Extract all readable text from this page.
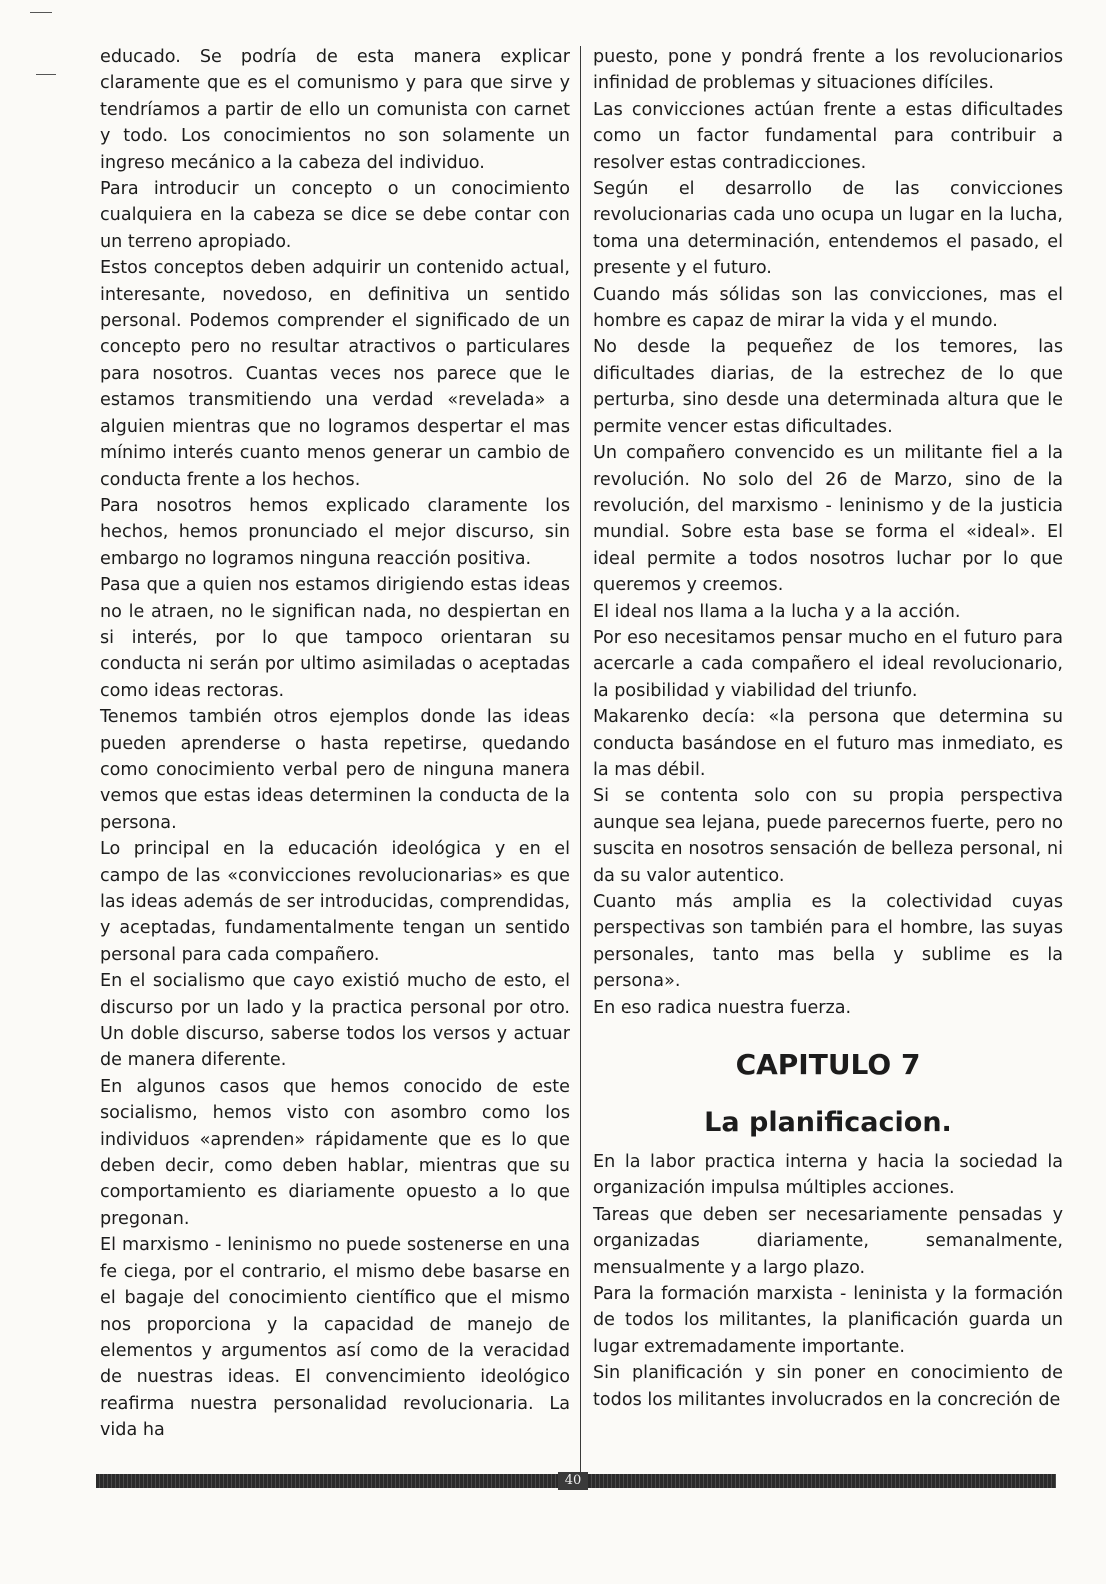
educado. Se podría de esta manera explicar claramente que es el comunismo y para que sirve y tendríamos a partir de ello un comunista con carnet y todo. Los conocimientos no son solamente un ingreso mecánico a la cabeza del individuo.

Para introducir un concepto o un conocimiento cualquiera en la cabeza se dice se debe contar con un terreno apropiado.

Estos conceptos deben adquirir un contenido actual, interesante, novedoso, en definitiva un sentido personal. Podemos comprender el significado de un concepto pero no resultar atractivos o particulares para nosotros. Cuantas veces nos parece que le estamos transmitiendo una verdad «revelada» a alguien mientras que no logramos despertar el mas mínimo interés cuanto menos generar un cambio de conducta frente a los hechos.

Para nosotros hemos explicado claramente los hechos, hemos pronunciado el mejor discurso, sin embargo no logramos ninguna reacción positiva.

Pasa que a quien nos estamos dirigiendo estas ideas no le atraen, no le significan nada, no despiertan en si interés, por lo que tampoco orientaran su conducta ni serán por ultimo asimiladas o aceptadas como ideas rectoras.

Tenemos también otros ejemplos donde las ideas pueden aprenderse o hasta repetirse, quedando como conocimiento verbal pero de ninguna manera vemos que estas ideas determinen la conducta de la persona.

Lo principal en la educación ideológica y en el campo de las «convicciones revolucionarias» es que las ideas además de ser introducidas, comprendidas, y aceptadas, fundamentalmente tengan un sentido personal para cada compañero.

En el socialismo que cayo existió mucho de esto, el discurso por un lado y la practica personal por otro. Un doble discurso, saberse todos los versos y actuar de manera diferente.

En algunos casos que hemos conocido de este socialismo, hemos visto con asombro como los individuos «aprenden» rápidamente que es lo que deben decir, como deben hablar, mientras que su comportamiento es diariamente opuesto a lo que pregonan.

El marxismo - leninismo no puede sostenerse en una fe ciega, por el contrario, el mismo debe basarse en el bagaje del conocimiento científico que el mismo nos proporciona y la capacidad de manejo de elementos y argumentos así como de la veracidad de nuestras ideas. El convencimiento ideológico reafirma nuestra personalidad revolucionaria. La vida ha

puesto, pone y pondrá frente a los revolucionarios infinidad de problemas y situaciones difíciles.

Las convicciones actúan frente a estas dificultades como un factor fundamental para contribuir a resolver estas contradicciones.

Según el desarrollo de las convicciones revolucionarias cada uno ocupa un lugar en la lucha, toma una determinación, entendemos el pasado, el presente y el futuro.

Cuando más sólidas son las convicciones, mas el hombre es capaz de mirar la vida y el mundo.

No desde la pequeñez de los temores, las dificultades diarias, de la estrechez de lo que perturba, sino desde una determinada altura que le permite vencer estas dificultades.

Un compañero convencido es un militante fiel a la revolución. No solo del 26 de Marzo, sino de la revolución, del marxismo - leninismo y de la justicia mundial. Sobre esta base se forma el «ideal». El ideal permite a todos nosotros luchar por lo que queremos y creemos.

El ideal nos llama a la lucha y a la acción.

Por eso necesitamos pensar mucho en el futuro para acercarle a cada compañero el ideal revolucionario, la posibilidad y viabilidad del triunfo.

Makarenko decía: «la persona que determina su conducta basándose en el futuro mas inmediato, es la mas débil.

Si se contenta solo con su propia perspectiva aunque sea lejana, puede parecernos fuerte, pero no suscita en nosotros sensación de belleza personal, ni da su valor autentico.

Cuanto más amplia es la colectividad cuyas perspectivas son también para el hombre, las suyas personales, tanto mas bella y sublime es la persona».

En eso radica nuestra fuerza.

CAPITULO 7
La planificacion.

En la labor practica interna y hacia la sociedad la organización impulsa múltiples acciones.

Tareas que deben ser necesariamente pensadas y organizadas diariamente, semanalmente, mensualmente y a largo plazo.

Para la formación marxista - leninista y la formación de todos los militantes, la planificación guarda un lugar extremadamente importante.

Sin planificación y sin poner en conocimiento de todos los militantes involucrados en la concreción de

40
